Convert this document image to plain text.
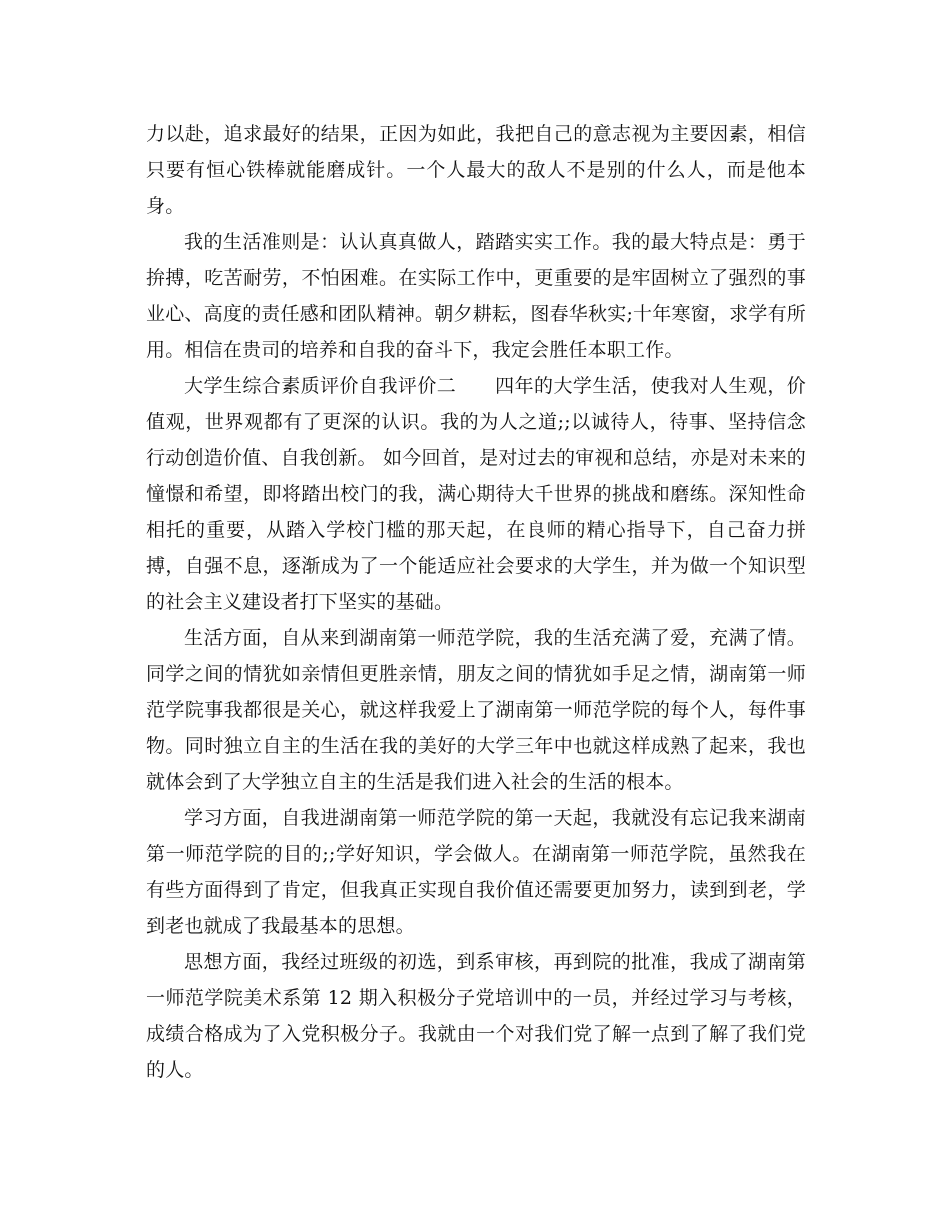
力以赴，追求最好的结果，正因为如此，我把自己的意志视为主要因素，相信只要有恒心铁棒就能磨成针。一个人最大的敌人不是别的什么人，而是他本身。

我的生活准则是：认认真真做人，踏踏实实工作。我的最大特点是：勇于拚搏，吃苦耐劳，不怕困难。在实际工作中，更重要的是牢固树立了强烈的事业心、高度的责任感和团队精神。朝夕耕耘，图春华秋实;十年寒窗，求学有所用。相信在贵司的培养和自我的奋斗下，我定会胜任本职工作。

大学生综合素质评价自我评价二　　四年的大学生活，使我对人生观，价值观，世界观都有了更深的认识。我的为人之道;;以诚待人，待事、坚持信念行动创造价值、自我创新。 如今回首，是对过去的审视和总结，亦是对未来的憧憬和希望，即将踏出校门的我，满心期待大千世界的挑战和磨练。深知性命相托的重要，从踏入学校门槛的那天起，在良师的精心指导下，自己奋力拼搏，自强不息，逐渐成为了一个能适应社会要求的大学生，并为做一个知识型的社会主义建设者打下坚实的基础。

生活方面，自从来到湖南第一师范学院，我的生活充满了爱，充满了情。同学之间的情犹如亲情但更胜亲情，朋友之间的情犹如手足之情，湖南第一师范学院事我都很是关心，就这样我爱上了湖南第一师范学院的每个人，每件事物。同时独立自主的生活在我的美好的大学三年中也就这样成熟了起来，我也就体会到了大学独立自主的生活是我们进入社会的生活的根本。

学习方面，自我进湖南第一师范学院的第一天起，我就没有忘记我来湖南第一师范学院的目的;;学好知识，学会做人。在湖南第一师范学院，虽然我在有些方面得到了肯定，但我真正实现自我价值还需要更加努力，读到到老，学到老也就成了我最基本的思想。

思想方面，我经过班级的初选，到系审核，再到院的批准，我成了湖南第一师范学院美术系第 12 期入积极分子党培训中的一员，并经过学习与考核，成绩合格成为了入党积极分子。我就由一个对我们党了解一点到了解了我们党的人。
